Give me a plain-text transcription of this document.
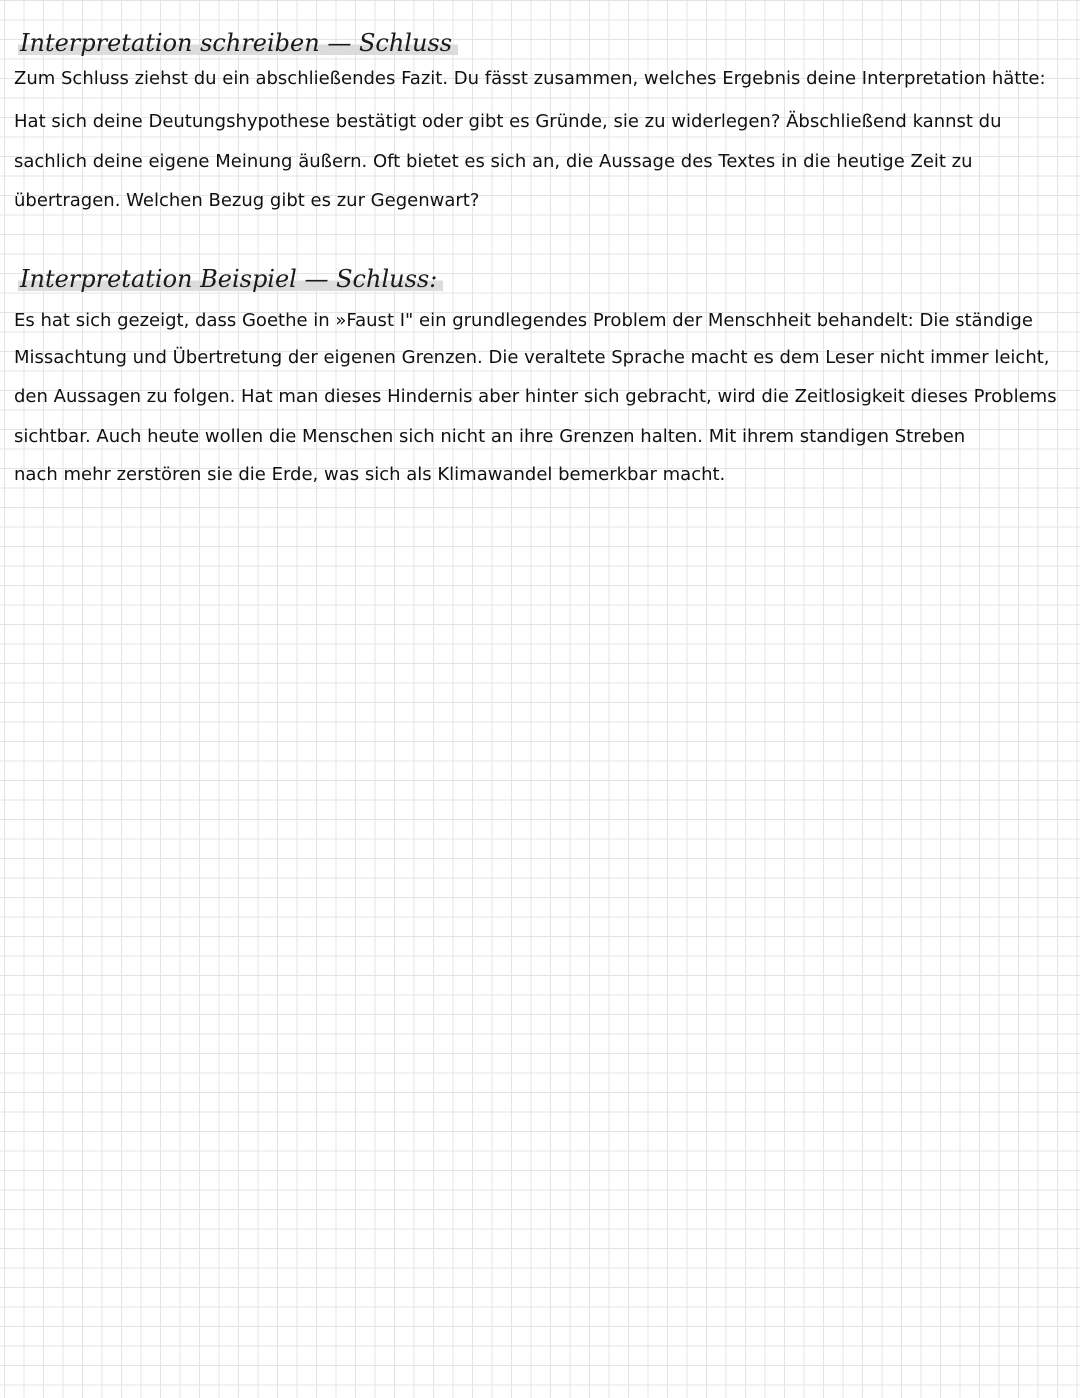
Interpretation schreiben — Schluss
Zum Schluss ziehst du ein abschließendes Fazit. Du fässt zusammen, welches Ergebnis deine Interpretation hätte:
Hat sich deine Deutungshypothese bestätigt oder gibt es Gründe, sie zu widerlegen? Äbschließend kannst du
sachlich deine eigene Meinung äußern. Oft bietet es sich an, die Aussage des Textes in die heutige Zeit zu
übertragen. Welchen Bezug gibt es zur Gegenwart?
Interpretation Beispiel — Schluss:
Es hat sich gezeigt, dass Goethe in »Faust I" ein grundlegendes Problem der Menschheit behandelt: Die ständige
Missachtung und Übertretung der eigenen Grenzen. Die veraltete Sprache macht es dem Leser nicht immer leicht,
den Aussagen zu folgen. Hat man dieses Hindernis aber hinter sich gebracht, wird die Zeitlosigkeit dieses Problems
sichtbar. Auch heute wollen die Menschen sich nicht an ihre Grenzen halten. Mit ihrem standigen Streben
nach mehr zerstören sie die Erde, was sich als Klimawandel bemerkbar macht.
